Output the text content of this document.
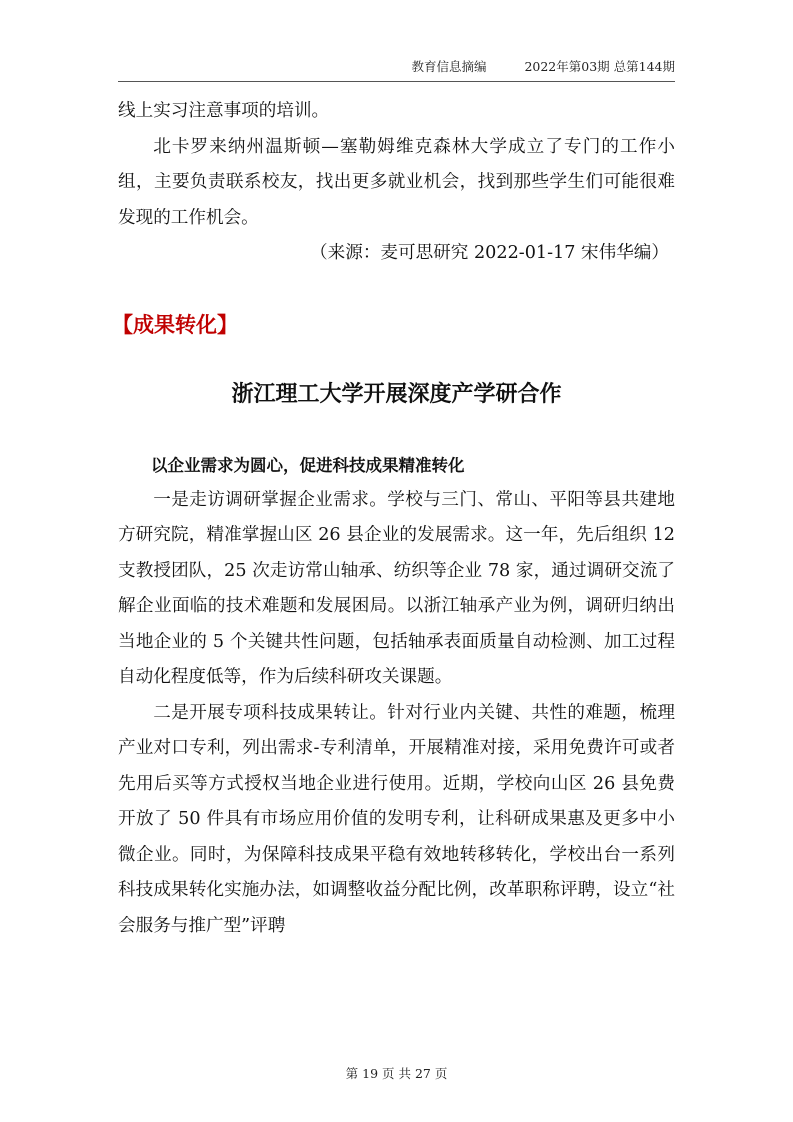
教育信息摘编	2022年第03期 总第144期

线上实习注意事项的培训。

北卡罗来纳州温斯顿—塞勒姆维克森林大学成立了专门的工作小组，主要负责联系校友，找出更多就业机会，找到那些学生们可能很难发现的工作机会。

（来源：麦可思研究 2022-01-17 宋伟华编）

【成果转化】
浙江理工大学开展深度产学研合作
以企业需求为圆心，促进科技成果精准转化

一是走访调研掌握企业需求。学校与三门、常山、平阳等县共建地方研究院，精准掌握山区 26 县企业的发展需求。这一年，先后组织 12 支教授团队，25 次走访常山轴承、纺织等企业 78 家，通过调研交流了解企业面临的技术难题和发展困局。以浙江轴承产业为例，调研归纳出当地企业的 5 个关键共性问题，包括轴承表面质量自动检测、加工过程自动化程度低等，作为后续科研攻关课题。

二是开展专项科技成果转让。针对行业内关键、共性的难题，梳理产业对口专利，列出需求-专利清单，开展精准对接，采用免费许可或者先用后买等方式授权当地企业进行使用。近期，学校向山区 26 县免费开放了 50 件具有市场应用价值的发明专利，让科研成果惠及更多中小微企业。同时，为保障科技成果平稳有效地转移转化，学校出台一系列科技成果转化实施办法，如调整收益分配比例，改革职称评聘，设立“社会服务与推广型”评聘

第 19 页 共 27 页
